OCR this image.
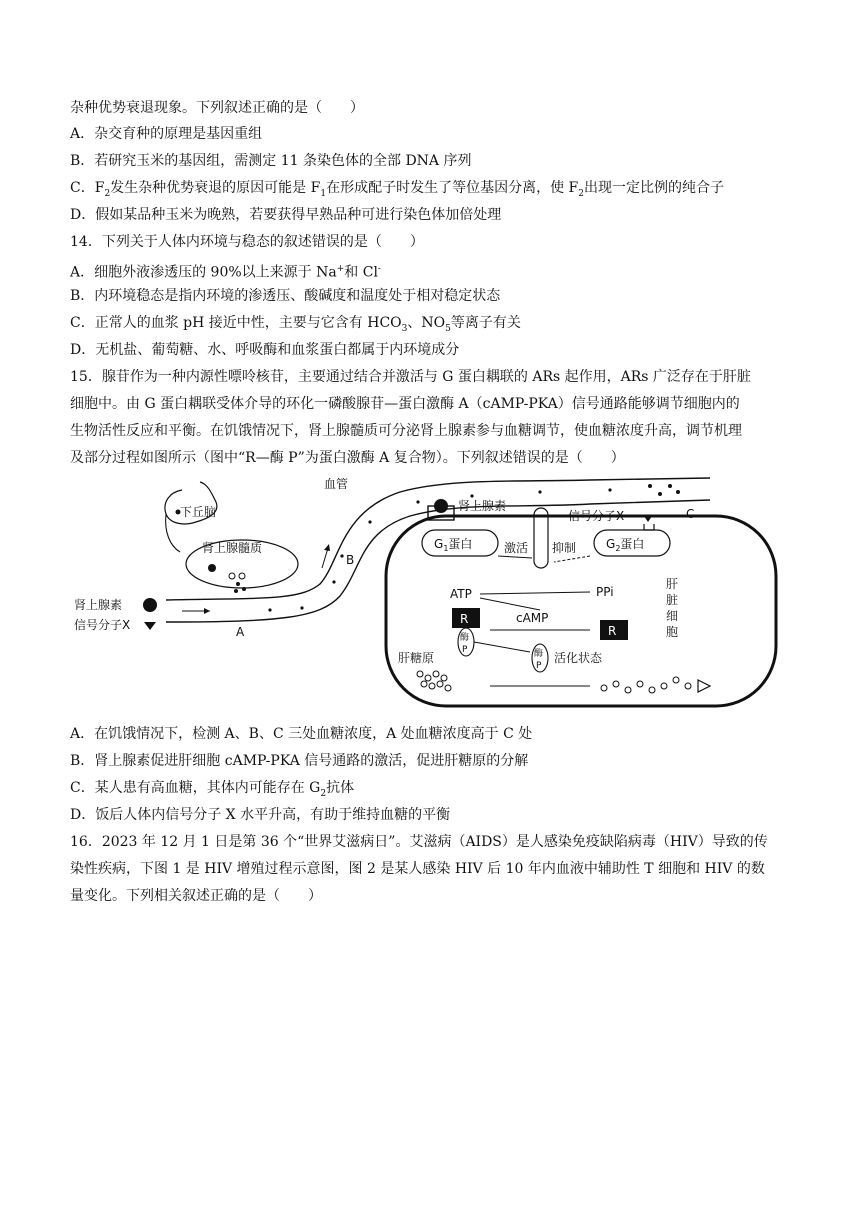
杂种优势衰退现象。下列叙述正确的是（　　）
A．杂交育种的原理是基因重组
B．若研究玉米的基因组，需测定 11 条染色体的全部 DNA 序列
C．$F_2$发生杂种优势衰退的原因可能是 $F_1$在形成配子时发生了等位基因分离，使 $F_2$出现一定比例的纯合子
D．假如某品种玉米为晚熟，若要获得早熟品种可进行染色体加倍处理
14．下列关于人体内环境与稳态的叙述错误的是（　　）
A．细胞外液渗透压的 90%以上来源于 Na+和 Cl-
B．内环境稳态是指内环境的渗透压、酸碱度和温度处于相对稳定状态
C．正常人的血浆 pH 接近中性，主要与它含有 $HCO_3$、$NO_5$等离子有关
D．无机盐、葡萄糖、水、呼吸酶和血浆蛋白都属于内环境成分
15．腺苷作为一种内源性嘌呤核苷，主要通过结合并激活与 G 蛋白耦联的 ARs 起作用，ARs 广泛存在于肝脏
细胞中。由 G 蛋白耦联受体介导的环化一磷酸腺苷—蛋白激酶 A（cAMP-PKA）信号通路能够调节细胞内的
生物活性反应和平衡。在饥饿情况下，肾上腺髓质可分泌肾上腺素参与血糖调节，使血糖浓度升高，调节机理
及部分过程如图所示（图中“R—酶 P”为蛋白激酶 A 复合物）。下列叙述错误的是（　　）
下丘脑
肾上腺髓质
肾上腺素
信号分子X
血管
A
B
C
肾上腺素
信号分子X
$G_1$蛋白	$G_2$蛋白
激活 抑制
ATP	PPi
cAMP
R
酶
P
R
酶
P
活化状态
肝糖原
肝
脏
细
胞
A．在饥饿情况下，检测 A、B、C 三处血糖浓度，A 处血糖浓度高于 C 处
B．肾上腺素促进肝细胞 cAMP-PKA 信号通路的激活，促进肝糖原的分解
C．某人患有高血糖，其体内可能存在 $G_2$抗体
D．饭后人体内信号分子 X 水平升高，有助于维持血糖的平衡
16．2023 年 12 月 1 日是第 36 个“世界艾滋病日”。艾滋病（AIDS）是人感染免疫缺陷病毒（HIV）导致的传
染性疾病，下图 1 是 HIV 增殖过程示意图，图 2 是某人感染 HIV 后 10 年内血液中辅助性 T 细胞和 HIV 的数
量变化。下列相关叙述正确的是（　　）
